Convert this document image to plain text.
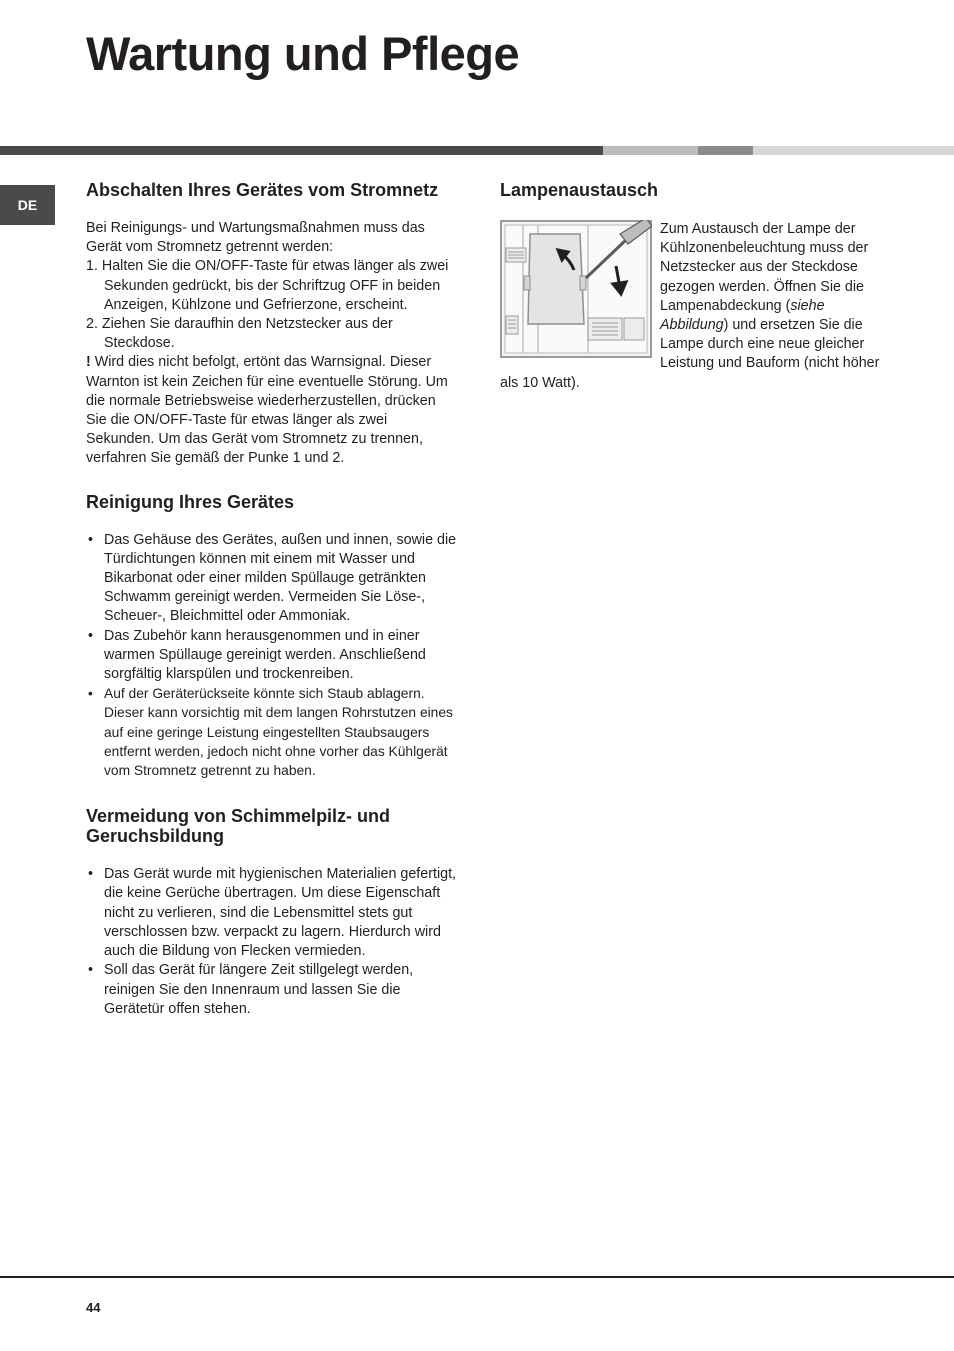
Wartung und Pflege
DE
Abschalten Ihres Gerätes vom Stromnetz

Bei Reinigungs- und Wartungsmaßnahmen muss das Gerät vom Stromnetz getrennt werden:

1. Halten Sie die ON/OFF-Taste für etwas länger als zwei Sekunden gedrückt, bis der Schriftzug OFF in beiden Anzeigen, Kühlzone und Gefrierzone, erscheint.

2. Ziehen Sie daraufhin den Netzstecker aus der Steckdose.

! Wird dies nicht befolgt, ertönt das Warnsignal. Dieser Warnton ist kein Zeichen für eine eventuelle Störung. Um die normale Betriebsweise wiederherzustellen, drücken Sie die ON/OFF-Taste für etwas länger als zwei Sekunden. Um das Gerät vom Stromnetz zu trennen, verfahren Sie gemäß der Punke 1 und 2.

Reinigung Ihres Gerätes
• Das Gehäuse des Gerätes, außen und innen, sowie die Türdichtungen können mit einem mit Wasser und Bikarbonat oder einer milden Spüllauge getränkten Schwamm gereinigt werden. Vermeiden Sie Löse-, Scheuer-, Bleichmittel oder Ammoniak.
• Das Zubehör kann herausgenommen und in einer warmen Spüllauge gereinigt werden. Anschließend sorgfältig klarspülen und trockenreiben.
• Auf der Geräterückseite könnte sich Staub ablagern. Dieser kann vorsichtig mit dem langen Rohrstutzen eines auf eine geringe Leistung eingestellten Staubsaugers entfernt werden, jedoch nicht ohne vorher das Kühlgerät vom Stromnetz getrennt zu haben.
Vermeidung von Schimmelpilz- und Geruchsbildung
• Das Gerät wurde mit hygienischen Materialien gefertigt, die keine Gerüche übertragen. Um diese Eigenschaft nicht zu verlieren, sind die Lebensmittel stets gut verschlossen bzw. verpackt zu lagern. Hierdurch wird auch die Bildung von Flecken vermieden.
• Soll das Gerät für längere Zeit stillgelegt werden, reinigen Sie den Innenraum und lassen Sie die Gerätetür offen stehen.
Lampenaustausch

Zum Austausch der Lampe der Kühlzonenbeleuchtung muss der Netzstecker aus der Steckdose gezogen werden. Öffnen Sie die Lampenabdeckung (siehe Abbildung) und ersetzen Sie die Lampe durch eine neue gleicher Leistung und Bauform (nicht höher als 10 Watt).

44
